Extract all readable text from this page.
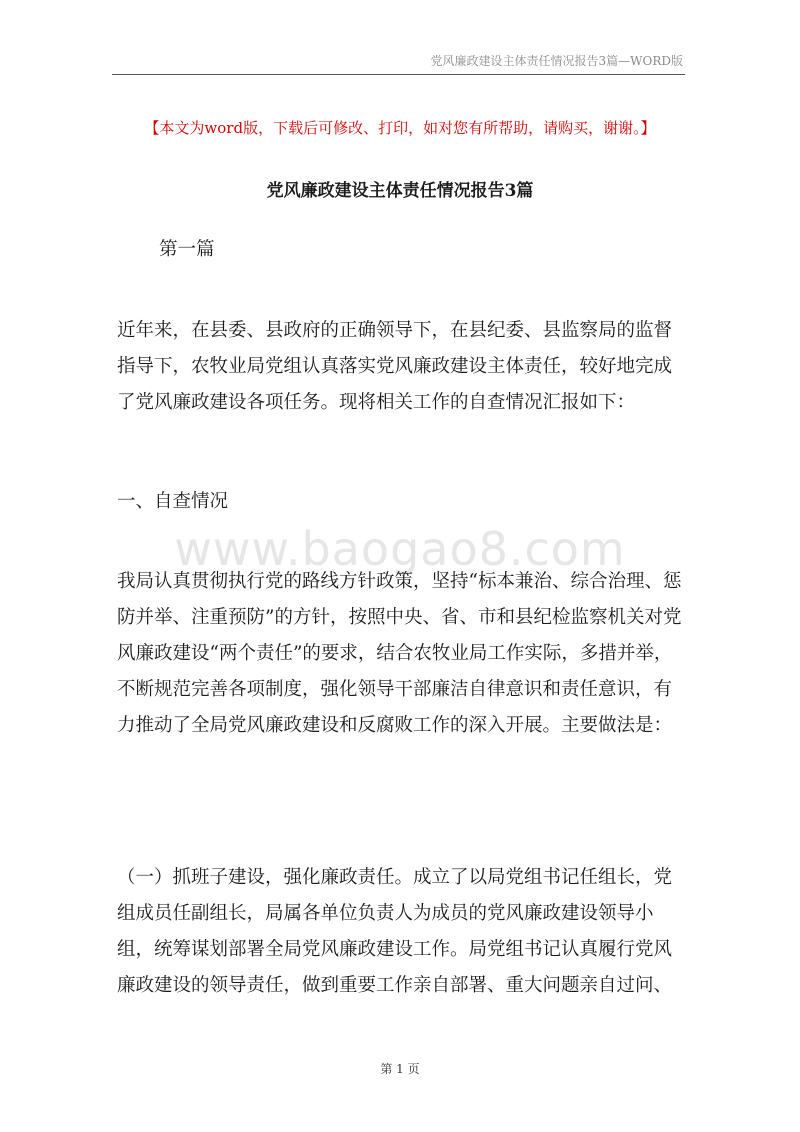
党风廉政建设主体责任情况报告3篇—WORD版
【本文为word版，下载后可修改、打印，如对您有所帮助，请购买，谢谢。】
党风廉政建设主体责任情况报告3篇

第一篇

近年来，在县委、县政府的正确领导下，在县纪委、县监察局的监督指导下，农牧业局党组认真落实党风廉政建设主体责任，较好地完成了党风廉政建设各项任务。现将相关工作的自查情况汇报如下：

一、自查情况

www.baogao8.com

我局认真贯彻执行党的路线方针政策，坚持“标本兼治、综合治理、惩防并举、注重预防”的方针，按照中央、省、市和县纪检监察机关对党风廉政建设“两个责任”的要求，结合农牧业局工作实际，多措并举，不断规范完善各项制度，强化领导干部廉洁自律意识和责任意识，有力推动了全局党风廉政建设和反腐败工作的深入开展。主要做法是：

（一）抓班子建设，强化廉政责任。成立了以局党组书记任组长，党组成员任副组长，局属各单位负责人为成员的党风廉政建设领导小组，统筹谋划部署全局党风廉政建设工作。局党组书记认真履行党风廉政建设的领导责任，做到重要工作亲自部署、重大问题亲自过问、

第 1 页
